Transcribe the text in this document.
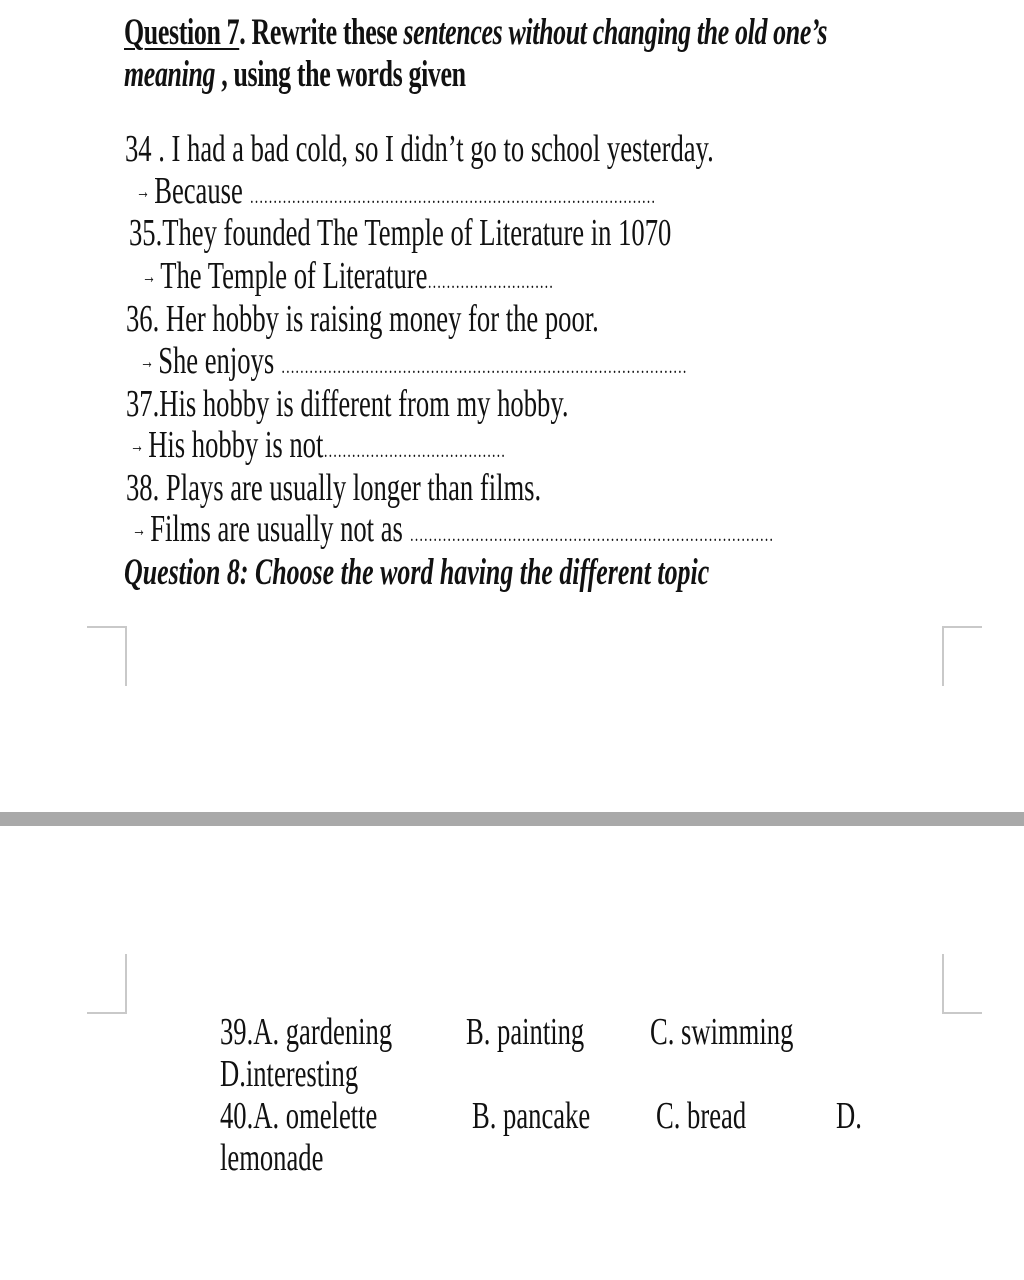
Question 7. Rewrite these sentences without changing the old one’s
meaning , using the words given
34 . I had a bad cold, so I didn’t go to school yesterday.
→ Because ……………………………………………………………………………
35.They founded The Temple of Literature in 1070
→ The Temple of Literature………………………
36. Her hobby is raising money for the poor.
→ She enjoys ……………………………………………………………………………
37.His hobby is different from my hobby.
→ His hobby is not…………………………………
38. Plays are usually longer than films.
→ Films are usually not as ……………………………………………………………………
Question 8: Choose the word having the different topic
39.A. gardening	B. painting	C. swimming
D.interesting
40.A. omelette	B. pancake	C. bread	D.
lemonade
